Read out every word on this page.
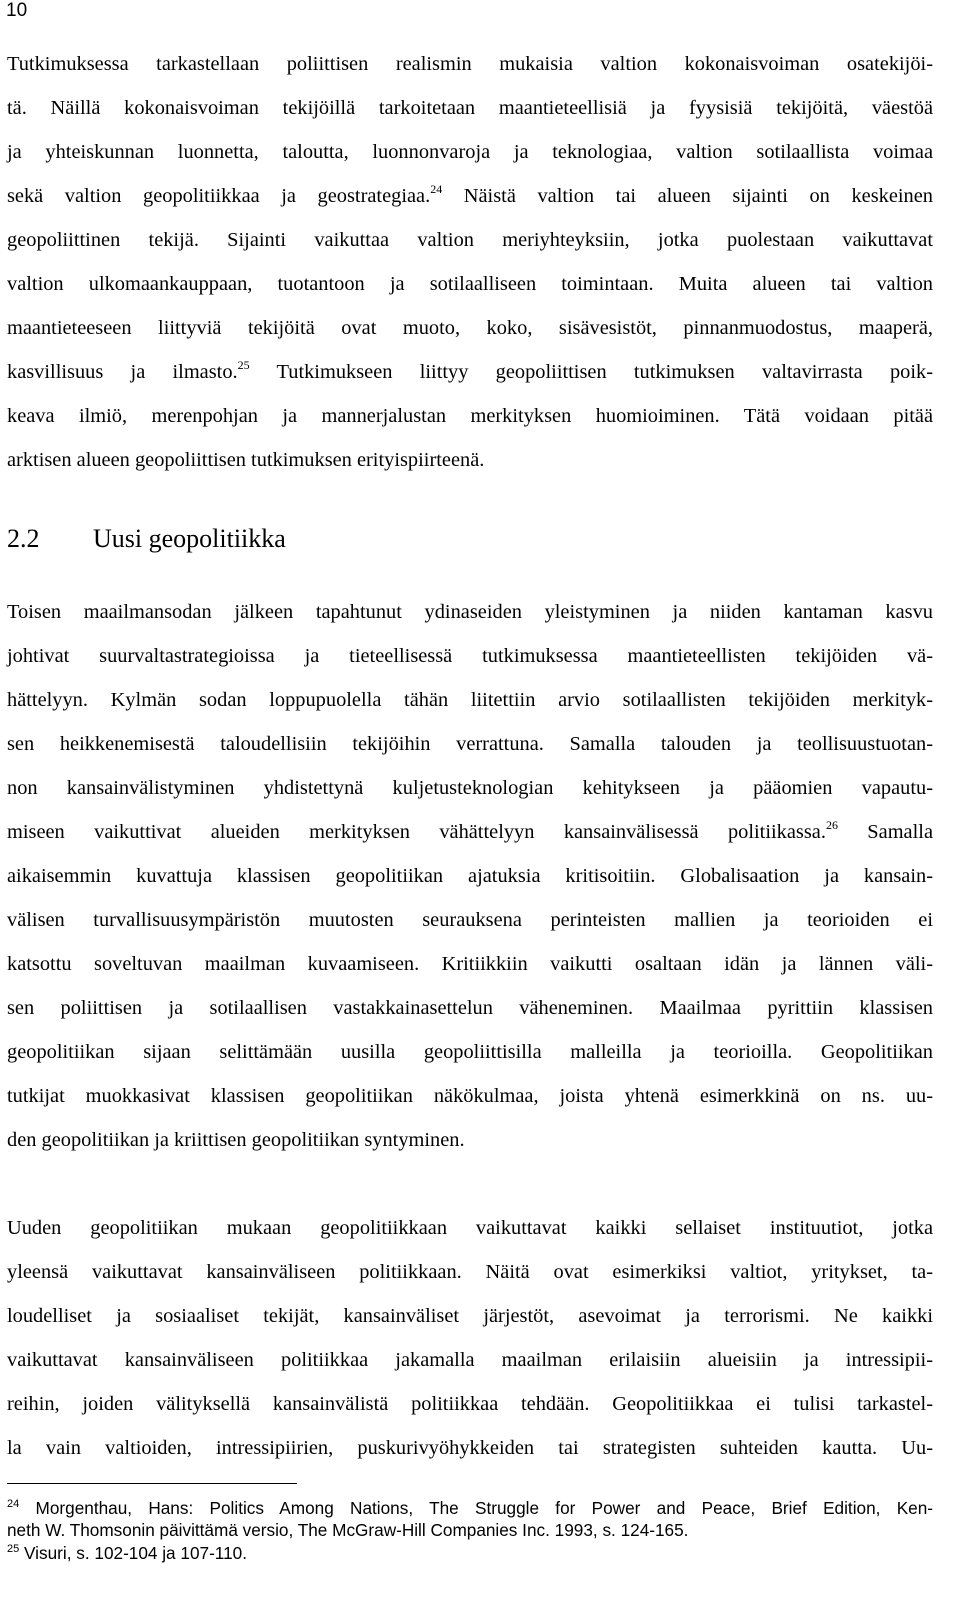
10
Tutkimuksessa tarkastellaan poliittisen realismin mukaisia valtion kokonaisvoiman osatekijöi-
tä. Näillä kokonaisvoiman tekijöillä tarkoitetaan maantieteellisiä ja fyysisiä tekijöitä, väestöä
ja yhteiskunnan luonnetta, taloutta, luonnonvaroja ja teknologiaa, valtion sotilaallista voimaa
sekä valtion geopolitiikkaa ja geostrategiaa.$^{24}$ Näistä valtion tai alueen sijainti on keskeinen
geopoliittinen tekijä. Sijainti vaikuttaa valtion meriyhteyksiin, jotka puolestaan vaikuttavat
valtion ulkomaankauppaan, tuotantoon ja sotilaalliseen toimintaan. Muita alueen tai valtion
maantieteeseen liittyviä tekijöitä ovat muoto, koko, sisävesistöt, pinnanmuodostus, maaperä,
kasvillisuus ja ilmasto.$^{25}$ Tutkimukseen liittyy geopoliittisen tutkimuksen valtavirrasta poik-
keava ilmiö, merenpohjan ja mannerjalustan merkityksen huomioiminen. Tätä voidaan pitää
arktisen alueen geopoliittisen tutkimuksen erityispiirteenä.
2.2 Uusi geopolitiikka
Toisen maailmansodan jälkeen tapahtunut ydinaseiden yleistyminen ja niiden kantaman kasvu
johtivat suurvaltastrategioissa ja tieteellisessä tutkimuksessa maantieteellisten tekijöiden vä-
hättelyyn. Kylmän sodan loppupuolella tähän liitettiin arvio sotilaallisten tekijöiden merkityk-
sen heikkenemisestä taloudellisiin tekijöihin verrattuna. Samalla talouden ja teollisuustuotan-
non kansainvälistyminen yhdistettynä kuljetusteknologian kehitykseen ja pääomien vapautu-
miseen vaikuttivat alueiden merkityksen vähättelyyn kansainvälisessä politiikassa.$^{26}$ Samalla
aikaisemmin kuvattuja klassisen geopolitiikan ajatuksia kritisoitiin. Globalisaation ja kansain-
välisen turvallisuusympäristön muutosten seurauksena perinteisten mallien ja teorioiden ei
katsottu soveltuvan maailman kuvaamiseen. Kritiikkiin vaikutti osaltaan idän ja lännen väli-
sen poliittisen ja sotilaallisen vastakkainasettelun väheneminen. Maailmaa pyrittiin klassisen
geopolitiikan sijaan selittämään uusilla geopoliittisilla malleilla ja teorioilla. Geopolitiikan
tutkijat muokkasivat klassisen geopolitiikan näkökulmaa, joista yhtenä esimerkkinä on ns. uu-
den geopolitiikan ja kriittisen geopolitiikan syntyminen.
Uuden geopolitiikan mukaan geopolitiikkaan vaikuttavat kaikki sellaiset instituutiot, jotka
yleensä vaikuttavat kansainväliseen politiikkaan. Näitä ovat esimerkiksi valtiot, yritykset, ta-
loudelliset ja sosiaaliset tekijät, kansainväliset järjestöt, asevoimat ja terrorismi. Ne kaikki
vaikuttavat kansainväliseen politiikkaa jakamalla maailman erilaisiin alueisiin ja intressipii-
reihin, joiden välityksellä kansainvälistä politiikkaa tehdään. Geopolitiikkaa ei tulisi tarkastel-
la vain valtioiden, intressipiirien, puskurivyöhykkeiden tai strategisten suhteiden kautta. Uu-
$^{24}$ Morgenthau, Hans: Politics Among Nations, The Struggle for Power and Peace, Brief Edition, Ken-
neth W. Thomsonin päivittämä versio, The McGraw-Hill Companies Inc. 1993, s. 124-165.
$^{25}$ Visuri, s. 102-104 ja 107-110.
